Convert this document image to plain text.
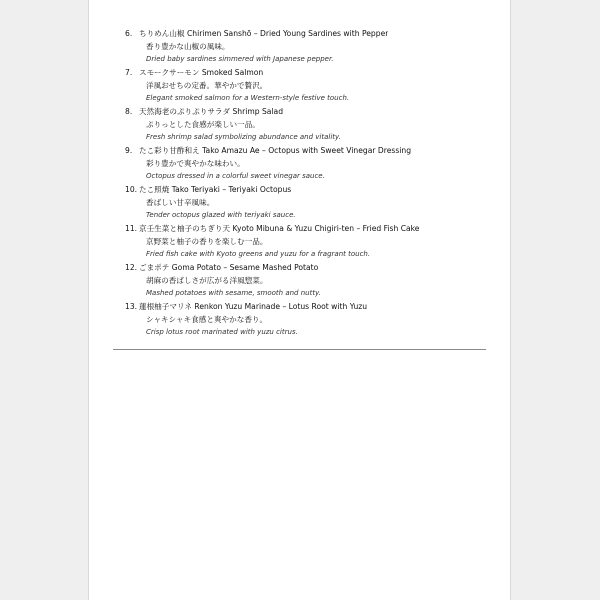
6. ちりめん山椒 Chirimen Sanshō – Dried Young Sardines with Pepper
香り豊かな山椒の風味。
Dried baby sardines simmered with Japanese pepper.
7. スモークサーモン Smoked Salmon
洋風おせちの定番。華やかで贅沢。
Elegant smoked salmon for a Western-style festive touch.
8. 天然海老のぷりぷりサラダ Shrimp Salad
ぷりっとした食感が楽しい一品。
Fresh shrimp salad symbolizing abundance and vitality.
9. たこ彩り甘酢和え Tako Amazu Ae – Octopus with Sweet Vinegar Dressing
彩り豊かで爽やかな味わい。
Octopus dressed in a colorful sweet vinegar sauce.
10. たこ照焼 Tako Teriyaki – Teriyaki Octopus
香ばしい甘辛風味。
Tender octopus glazed with teriyaki sauce.
11. 京壬生菜と柚子のちぎり天 Kyoto Mibuna & Yuzu Chigiri-ten – Fried Fish Cake
京野菜と柚子の香りを楽しむ一品。
Fried fish cake with Kyoto greens and yuzu for a fragrant touch.
12. ごまポテ Goma Potato – Sesame Mashed Potato
胡麻の香ばしさが広がる洋風惣菜。
Mashed potatoes with sesame, smooth and nutty.
13. 蓮根柚子マリネ Renkon Yuzu Marinade – Lotus Root with Yuzu
シャキシャキ食感と爽やかな香り。
Crisp lotus root marinated with yuzu citrus.
